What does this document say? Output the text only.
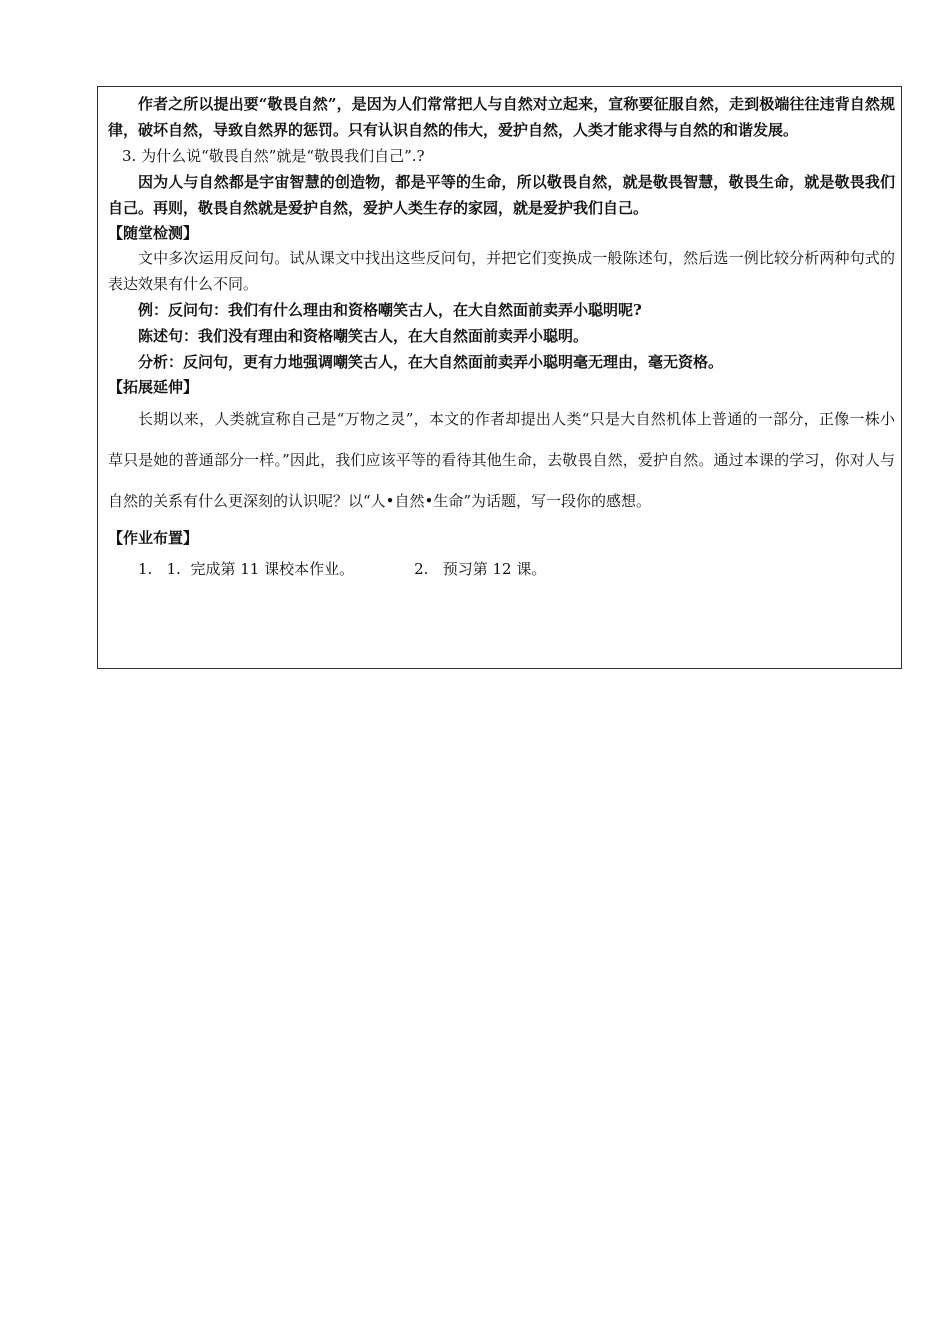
作者之所以提出要“敬畏自然”，是因为人们常常把人与自然对立起来，宣称要征服自然，走到极端往往违背自然规律，破坏自然，导致自然界的惩罚。只有认识自然的伟大，爱护自然，人类才能求得与自然的和谐发展。

3. 为什么说“敬畏自然”就是“敬畏我们自己”.?

因为人与自然都是宇宙智慧的创造物，都是平等的生命，所以敬畏自然，就是敬畏智慧，敬畏生命，就是敬畏我们自己。再则，敬畏自然就是爱护自然，爱护人类生存的家园，就是爱护我们自己。

【随堂检测】

文中多次运用反问句。试从课文中找出这些反问句，并把它们变换成一般陈述句，然后选一例比较分析两种句式的表达效果有什么不同。

例：反问句：我们有什么理由和资格嘲笑古人，在大自然面前卖弄小聪明呢?

陈述句：我们没有理由和资格嘲笑古人，在大自然面前卖弄小聪明。

分析：反问句，更有力地强调嘲笑古人，在大自然面前卖弄小聪明毫无理由，毫无资格。

【拓展延伸】

长期以来，人类就宣称自己是“万物之灵”，本文的作者却提出人类“只是大自然机体上普通的一部分，正像一株小草只是她的普通部分一样。”因此，我们应该平等的看待其他生命，去敬畏自然，爱护自然。通过本课的学习，你对人与自然的关系有什么更深刻的认识呢？以“人•自然•生命”为话题，写一段你的感想。

【作业布置】
1.   1.  完成第 11 课校本作业。	2.   预习第 12 课。
